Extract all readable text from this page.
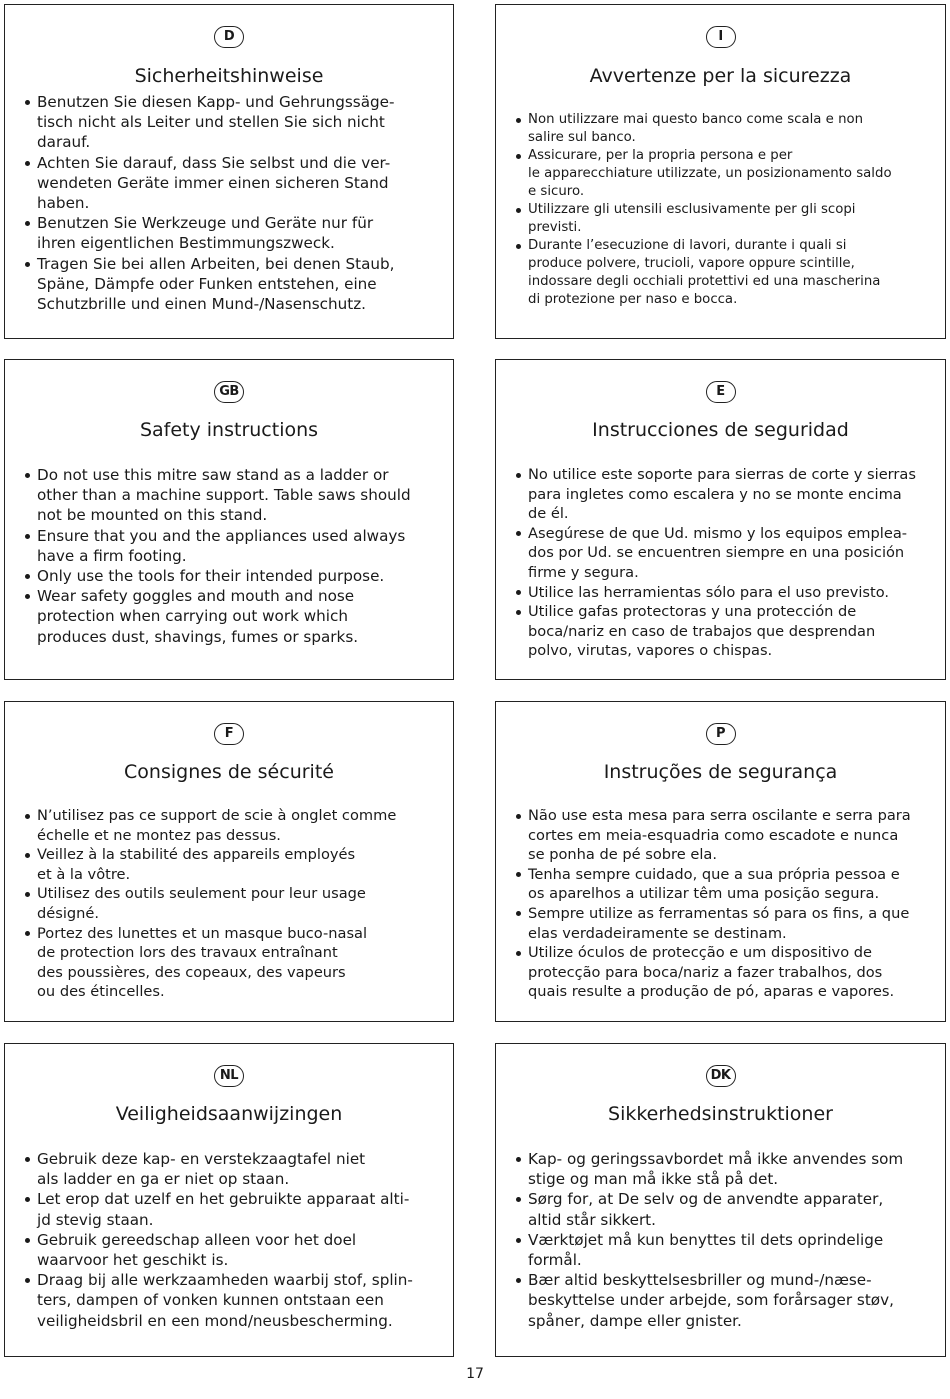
D
Sicherheitshinweise
Benutzen Sie diesen Kapp- und Gehrungssäge-
tisch nicht als Leiter und stellen Sie sich nicht
darauf.
Achten Sie darauf, dass Sie selbst und die ver-
wendeten Geräte immer einen sicheren Stand
haben.
Benutzen Sie Werkzeuge und Geräte nur für
ihren eigentlichen Bestimmungszweck.
Tragen Sie bei allen Arbeiten, bei denen Staub,
Späne, Dämpfe oder Funken entstehen, eine
Schutzbrille und einen Mund-/Nasenschutz.
I
Avvertenze per la sicurezza
Non utilizzare mai questo banco come scala e non
salire sul banco.
Assicurare, per la propria persona e per
le apparecchiature utilizzate, un posizionamento saldo
e sicuro.
Utilizzare gli utensili esclusivamente per gli scopi
previsti.
Durante l’esecuzione di lavori, durante i quali si
produce polvere, trucioli, vapore oppure scintille,
indossare degli occhiali protettivi ed una mascherina
di protezione per naso e bocca.
GB
Safety instructions
Do not use this mitre saw stand as a ladder or
other than a machine support. Table saws should
not be mounted on this stand.
Ensure that you and the appliances used always
have a firm footing.
Only use the tools for their intended purpose.
Wear safety goggles and mouth and nose
protection when carrying out work which
produces dust, shavings, fumes or sparks.
E
Instrucciones de seguridad
No utilice este soporte para sierras de corte y sierras
para ingletes como escalera y no se monte encima
de él.
Asegúrese de que Ud. mismo y los equipos emplea-
dos por Ud. se encuentren siempre en una posición
firme y segura.
Utilice las herramientas sólo para el uso previsto.
Utilice gafas protectoras y una protección de
boca/nariz en caso de trabajos que desprendan
polvo, virutas, vapores o chispas.
F
Consignes de sécurité
N’utilisez pas ce support de scie à onglet comme
échelle et ne montez pas dessus.
Veillez à la stabilité des appareils employés
et à la vôtre.
Utilisez des outils seulement pour leur usage
désigné.
Portez des lunettes et un masque buco-nasal
de protection lors des travaux entraînant
des poussières, des copeaux, des vapeurs
ou des étincelles.
P
Instruções de segurança
Não use esta mesa para serra oscilante e serra para
cortes em meia-esquadria como escadote e nunca
se ponha de pé sobre ela.
Tenha sempre cuidado, que a sua própria pessoa e
os aparelhos a utilizar têm uma posição segura.
Sempre utilize as ferramentas só para os fins, a que
elas verdadeiramente se destinam.
Utilize óculos de protecção e um dispositivo de
protecção para boca/nariz a fazer trabalhos, dos
quais resulte a produção de pó, aparas e vapores.
NL
Veiligheidsaanwijzingen
Gebruik deze kap- en verstekzaagtafel niet
als ladder en ga er niet op staan.
Let erop dat uzelf en het gebruikte apparaat alti-
jd stevig staan.
Gebruik gereedschap alleen voor het doel
waarvoor het geschikt is.
Draag bij alle werkzaamheden waarbij stof, splin-
ters, dampen of vonken kunnen ontstaan een
veiligheidsbril en een mond/neusbescherming.
DK
Sikkerhedsinstruktioner
Kap- og geringssavbordet må ikke anvendes som
stige og man må ikke stå på det.
Sørg for, at De selv og de anvendte apparater,
altid står sikkert.
Værktøjet må kun benyttes til dets oprindelige
formål.
Bær altid beskyttelsesbriller og mund-/næse-
beskyttelse under arbejde, som forårsager støv,
spåner, dampe eller gnister.
17
